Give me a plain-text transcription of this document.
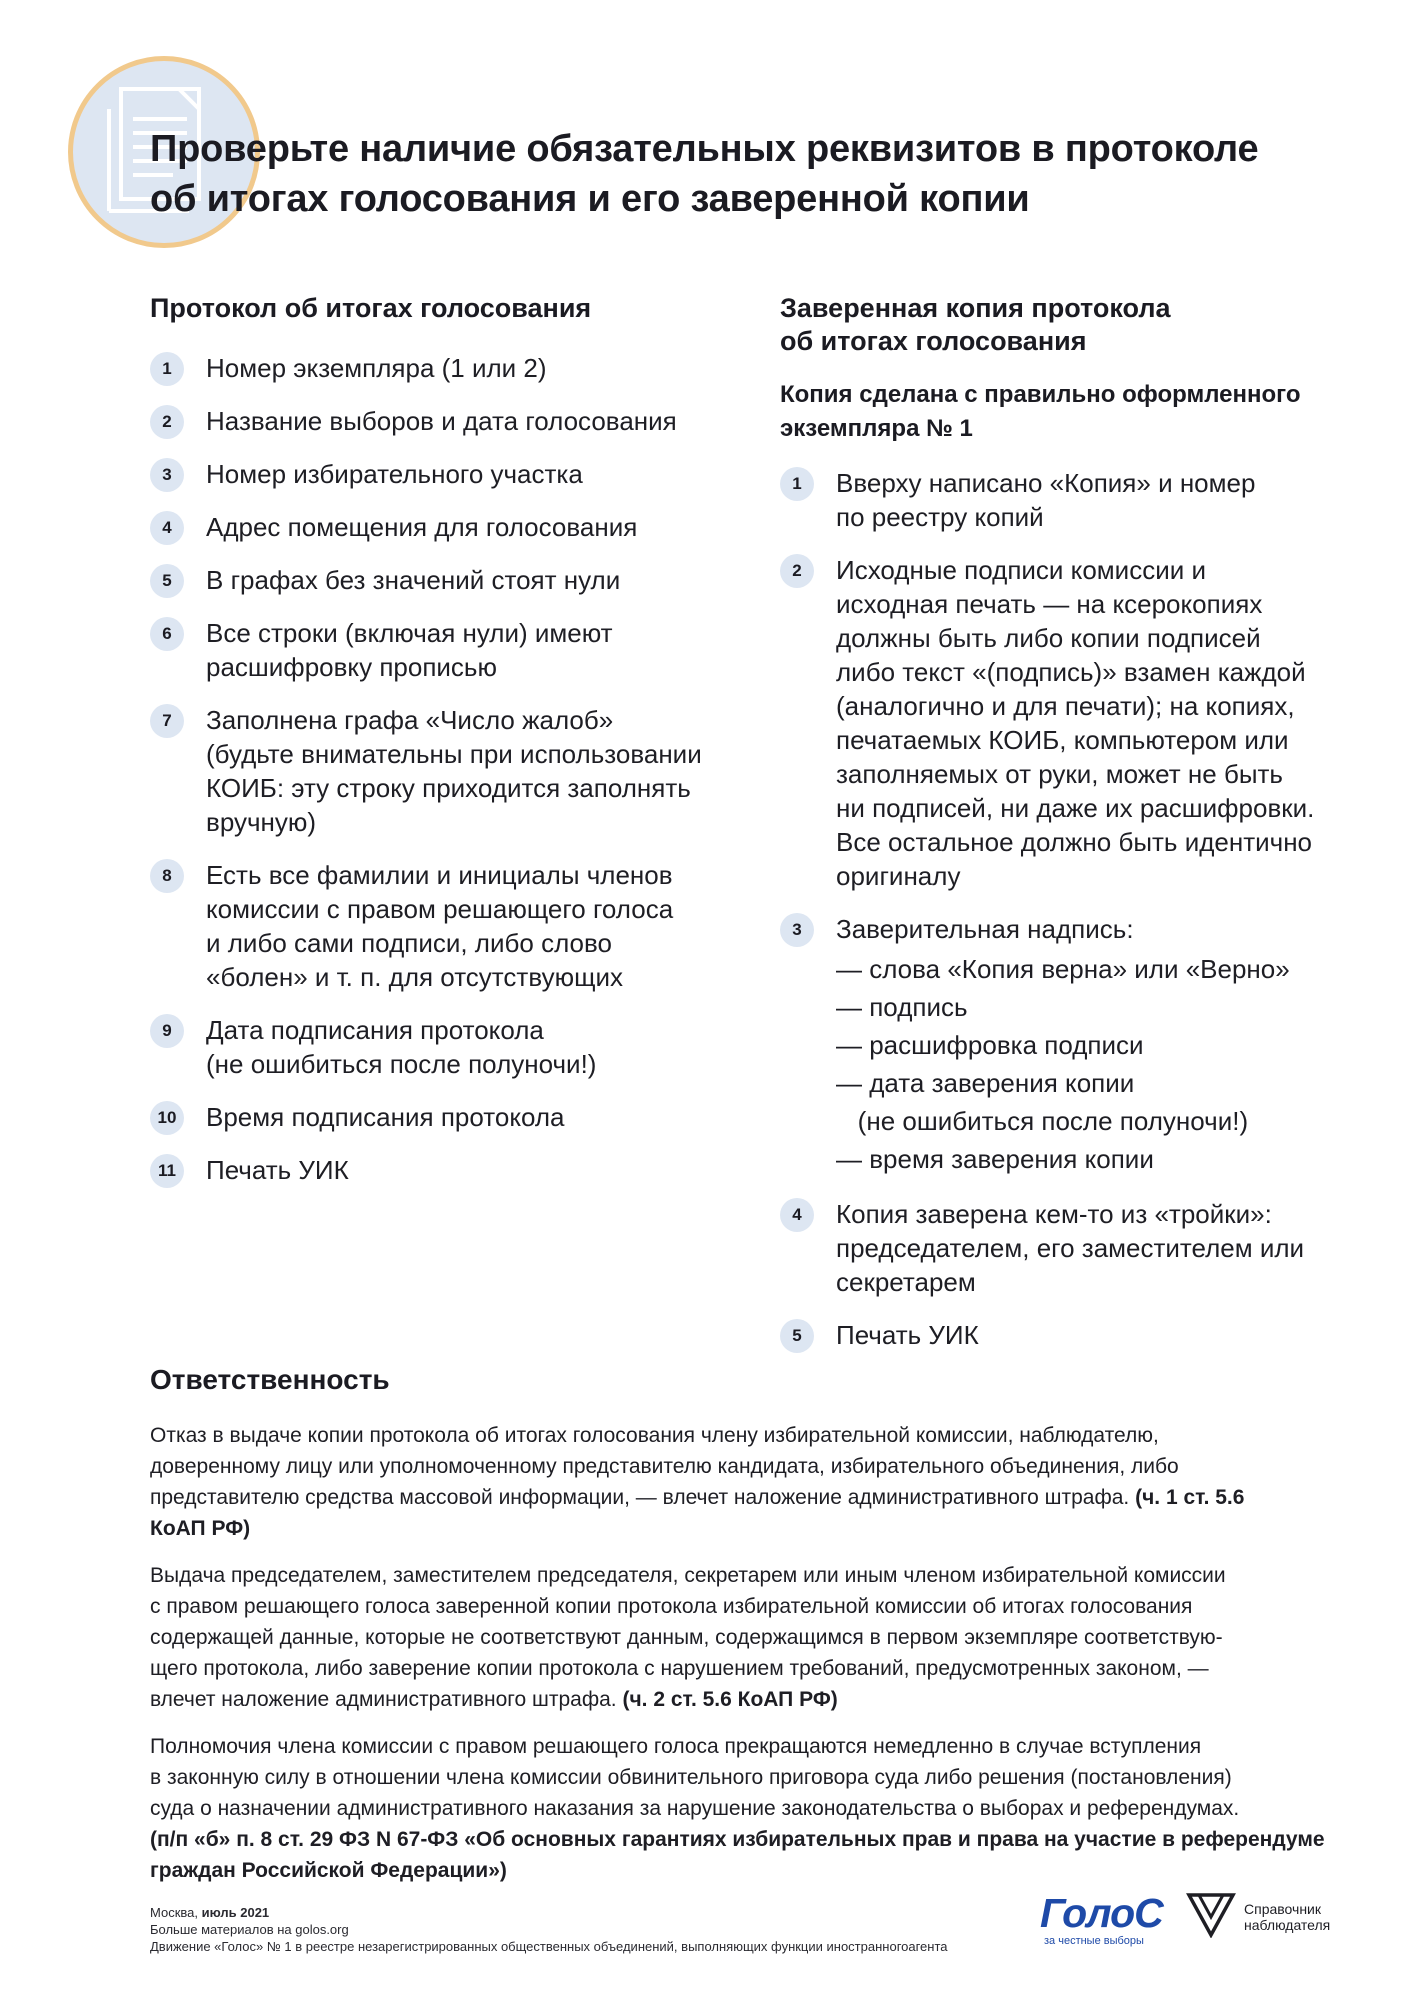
Проверьте наличие обязательных реквизитов в протоколе
об итогах голосования и его заверенной копии
Протокол об итогах голосования
1	Номер экземпляра (1 или 2)
2	Название выборов и дата голосования
3	Номер избирательного участка
4	Адрес помещения для голосования
5	В графах без значений стоят нули
6	Все строки (включая нули) имеют
расшифровку прописью
7	Заполнена графа «Число жалоб»
(будьте внимательны при использовании
КОИБ: эту строку приходится заполнять
вручную)
8	Есть все фамилии и инициалы членов
комиссии с правом решающего голоса
и либо сами подписи, либо слово
«болен» и т. п. для отсутствующих
9	Дата подписания протокола
(не ошибиться после полуночи!)
10 Время подписания протокола
11	Печать УИК
Заверенная копия протокола
об итогах голосования
Копия сделана с правильно оформленного
экземпляра № 1
1	Вверху написано «Копия» и номер
по реестру копий
2	Исходные подписи комиссии и
исходная печать — на ксерокопиях
должны быть либо копии подписей
либо текст «(подпись)» взамен каждой
(аналогично и для печати); на копиях,
печатаемых КОИБ, компьютером или
заполняемых от руки, может не быть
ни подписей, ни даже их расшифровки.
Все остальное должно быть идентично
оригиналу
3	Заверительная надпись:
— слова «Копия верна» или «Верно»
— подпись
— расшифровка подписи
— дата заверения копии
(не ошибиться после полуночи!)
— время заверения копии
4	Копия заверена кем-то из «тройки»:
председателем, его заместителем или
секретарем
5	Печать УИК
Ответственность

Отказ в выдаче копии протокола об итогах голосования члену избирательной комиссии, наблюдателю,
доверенному лицу или уполномоченному представителю кандидата, избирательного объединения, либо
представителю средства массовой информации, — влечет наложение административного штрафа. (ч. 1 ст. 5.6
КоАП РФ)

Выдача председателем, заместителем председателя, секретарем или иным членом избирательной комиссии
с правом решающего голоса заверенной копии протокола избирательной комиссии об итогах голосования
содержащей данные, которые не соответствуют данным, содержащимся в первом экземпляре соответствую-
щего протокола, либо заверение копии протокола с нарушением требований, предусмотренных законом, —
влечет наложение административного штрафа. (ч. 2 ст. 5.6 КоАП РФ)

Полномочия члена комиссии с правом решающего голоса прекращаются немедленно в случае вступления
в законную силу в отношении члена комиссии обвинительного приговора суда либо решения (постановления)
суда о назначении административного наказания за нарушение законодательства о выборах и референдумах.
(п/п «б» п. 8 ст. 29 ФЗ N 67-ФЗ «Об основных гарантиях избирательных прав и права на участие в референдуме
граждан Российской Федерации»)

Москва, июль 2021
Больше материалов на golos.org
Движение «Голос» № 1 в реестре незарегистрированных общественных объединений, выполняющих функции иностранногоагента
ГолоС
за честные выборы
Справочник
наблюдателя
